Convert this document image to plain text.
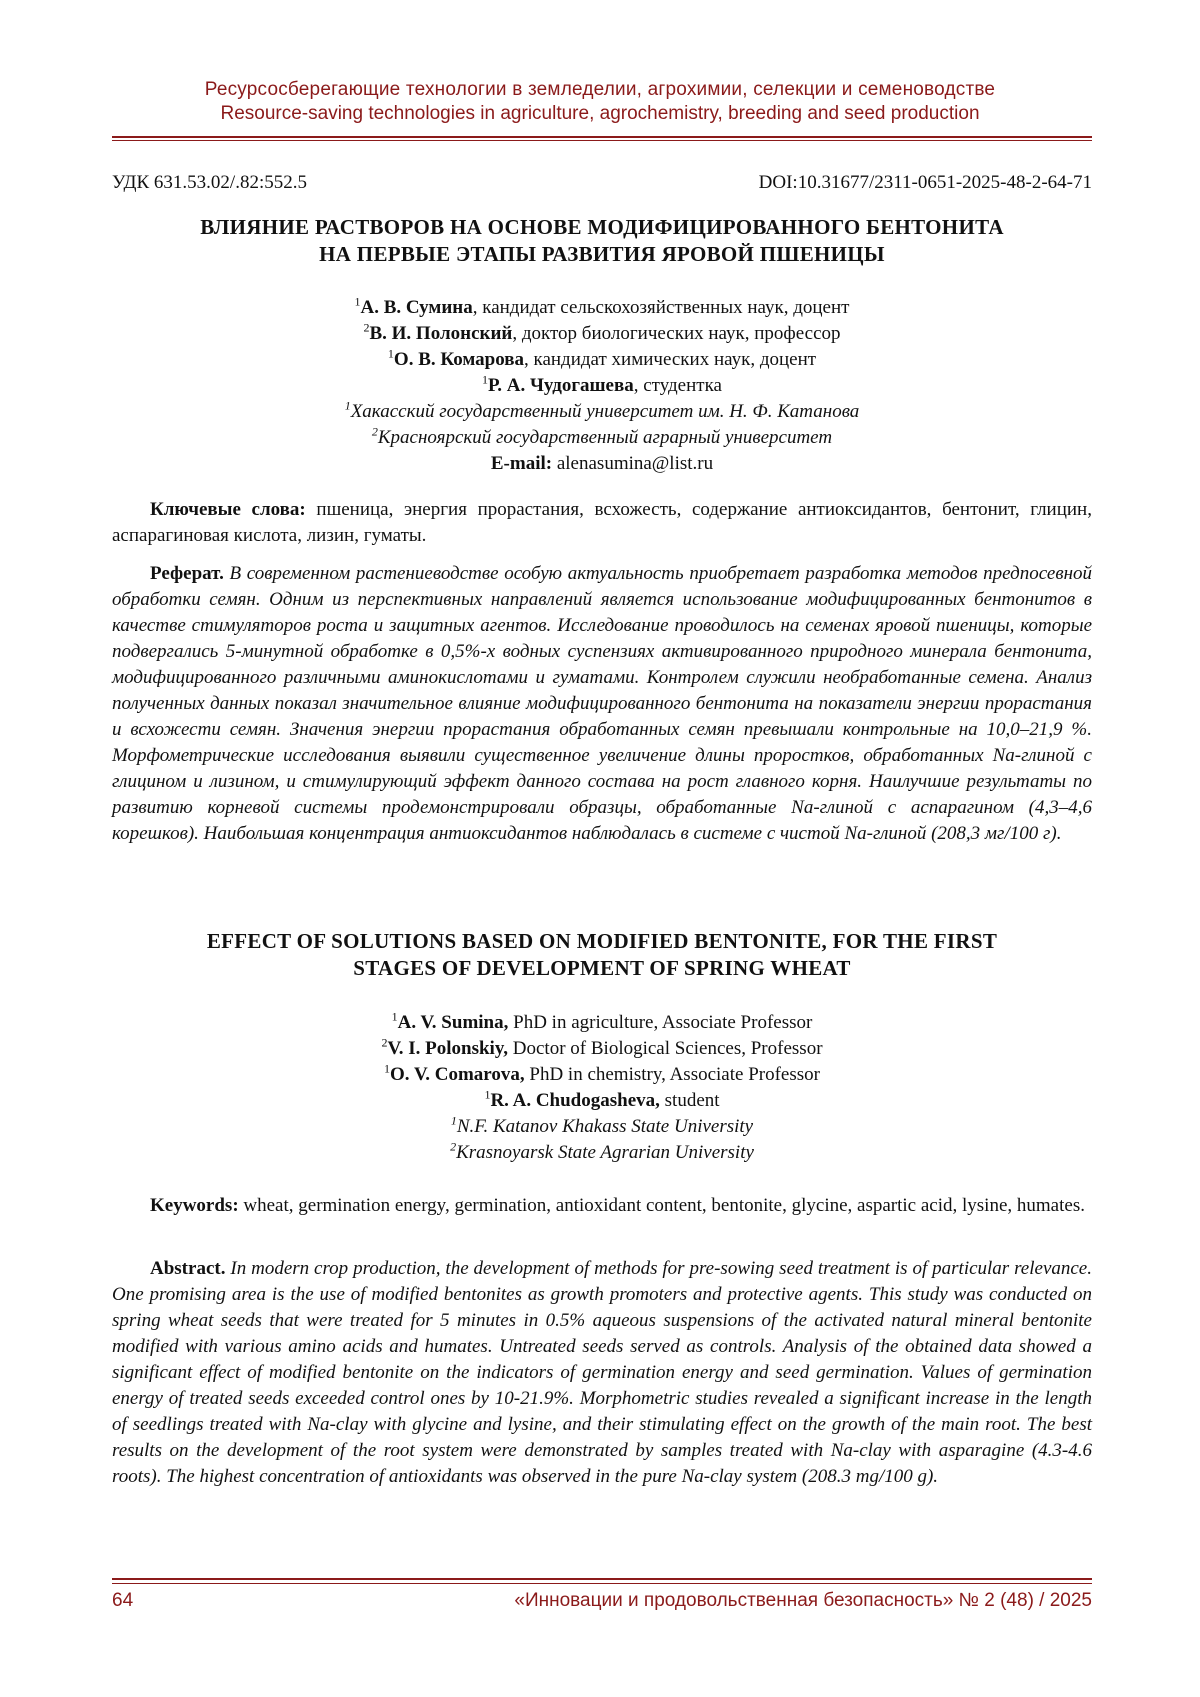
Ресурсосберегающие технологии в земледелии, агрохимии, селекции и семеноводстве
Resource-saving technologies in agriculture, agrochemistry, breeding and seed production
УДК 631.53.02/.82:552.5	DOI:10.31677/2311-0651-2025-48-2-64-71
ВЛИЯНИЕ РАСТВОРОВ НА ОСНОВЕ МОДИФИЦИРОВАННОГО БЕНТОНИТА
НА ПЕРВЫЕ ЭТАПЫ РАЗВИТИЯ ЯРОВОЙ ПШЕНИЦЫ
$^1$А. В. Сумина, кандидат сельскохозяйственных наук, доцент
$^2$В. И. Полонский, доктор биологических наук, профессор
$^1$О. В. Комарова, кандидат химических наук, доцент
$^1$Р. А. Чудогашева, студентка
$^1$Хакасский государственный университет им. Н. Ф. Катанова
$^2$Красноярский государственный аграрный университет
E-mail: alenasumina@list.ru
Ключевые слова: пшеница, энергия прорастания, всхожесть, содержание антиоксидантов, бентонит, глицин, аспарагиновая кислота, лизин, гуматы.
Реферат. В современном растениеводстве особую актуальность приобретает разработка методов предпосевной обработки семян. Одним из перспективных направлений является использование модифицированных бентонитов в качестве стимуляторов роста и защитных агентов. Исследование проводилось на семенах яровой пшеницы, которые подвергались 5-минутной обработке в 0,5%-х водных суспензиях активированного природного минерала бентонита, модифицированного различными аминокислотами и гуматами. Контролем служили необработанные семена. Анализ полученных данных показал значительное влияние модифицированного бентонита на показатели энергии прорастания и всхожести семян. Значения энергии прорастания обработанных семян превышали контрольные на 10,0–21,9 %. Морфометрические исследования выявили существенное увеличение длины проростков, обработанных Na-глиной с глицином и лизином, и стимулирующий эффект данного состава на рост главного корня. Наилучшие результаты по развитию корневой системы продемонстрировали образцы, обработанные Na-глиной с аспарагином (4,3–4,6 корешков). Наибольшая концентрация антиоксидантов наблюдалась в системе с чистой Na-глиной (208,3 мг/100 г).
EFFECT OF SOLUTIONS BASED ON MODIFIED BENTONITE, FOR THE FIRST
STAGES OF DEVELOPMENT OF SPRING WHEAT
$^1$A. V. Sumina, PhD in agriculture, Associate Professor
$^2$V. I. Polonskiy, Doctor of Biological Sciences, Professor
$^1$O. V. Comarova, PhD in chemistry, Associate Professor
$^1$R. A. Chudogasheva, student
$^1$N.F. Katanov Khakass State University
$^2$Krasnoyarsk State Agrarian University
Keywords: wheat, germination energy, germination, antioxidant content, bentonite, glycine, aspartic acid, lysine, humates.
Abstract. In modern crop production, the development of methods for pre-sowing seed treatment is of particular relevance. One promising area is the use of modified bentonites as growth promoters and protective agents. This study was conducted on spring wheat seeds that were treated for 5 minutes in 0.5% aqueous suspensions of the activated natural mineral bentonite modified with various amino acids and humates. Untreated seeds served as controls. Analysis of the obtained data showed a significant effect of modified bentonite on the indicators of germination energy and seed germination. Values of germination energy of treated seeds exceeded control ones by 10-21.9%. Morphometric studies revealed a significant increase in the length of seedlings treated with Na-clay with glycine and lysine, and their stimulating effect on the growth of the main root. The best results on the development of the root system were demonstrated by samples treated with Na-clay with asparagine (4.3-4.6 roots). The highest concentration of antioxidants was observed in the pure Na-clay system (208.3 mg/100 g).
64	«Инновации и продовольственная безопасность» № 2 (48) / 2025
